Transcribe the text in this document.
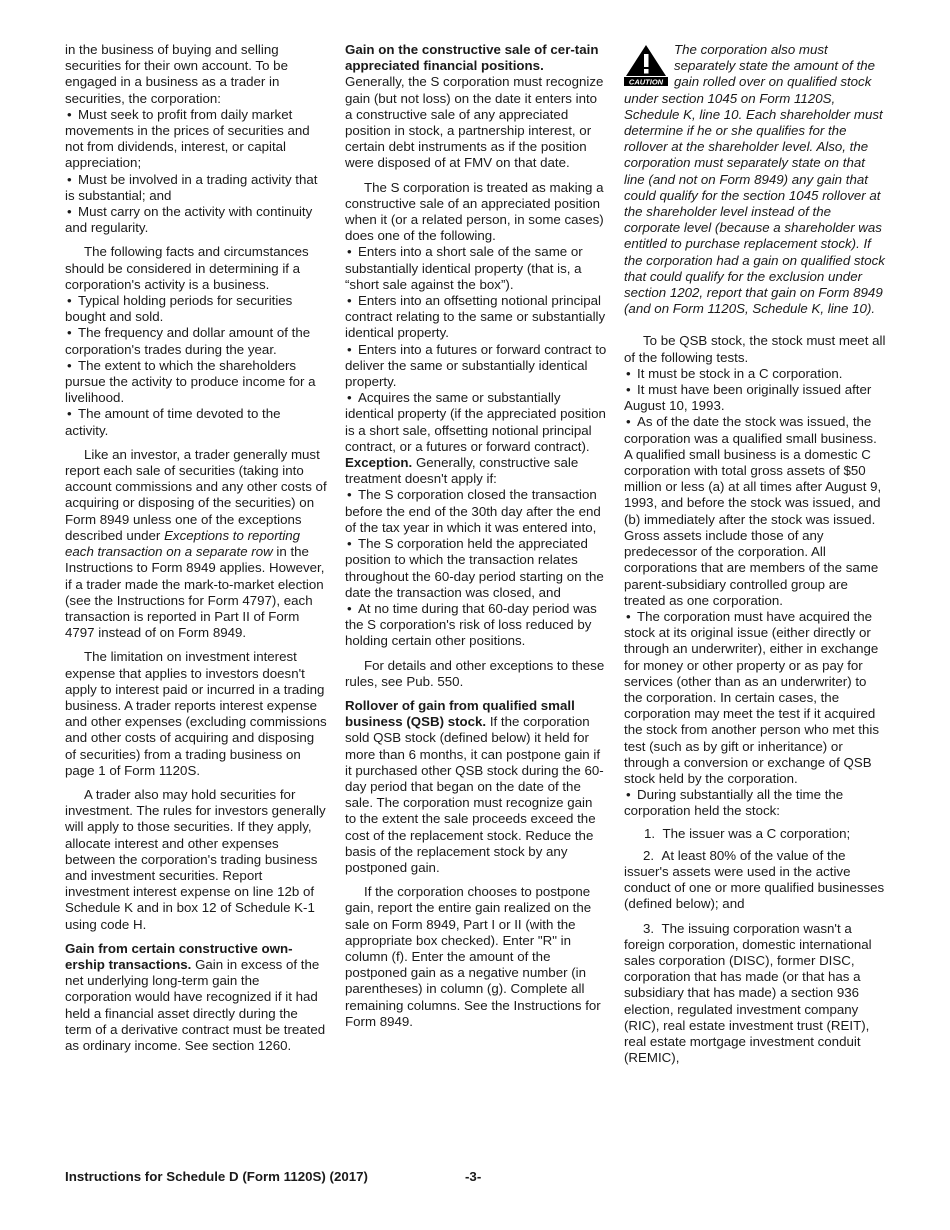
in the business of buying and selling securities for their own account. To be engaged in a business as a trader in securities, the corporation:

• Must seek to profit from daily market movements in the prices of securities and not from dividends, interest, or capital appreciation;
• Must be involved in a trading activity that is substantial; and
• Must carry on the activity with continuity and regularity.

The following facts and circumstances should be considered in determining if a corporation's activity is a business.

• Typical holding periods for securities bought and sold.
• The frequency and dollar amount of the corporation's trades during the year.
• The extent to which the shareholders pursue the activity to produce income for a livelihood.
• The amount of time devoted to the activity.

Like an investor, a trader generally must report each sale of securities (taking into account commissions and any other costs of acquiring or disposing of the securities) on Form 8949 unless one of the exceptions described under Exceptions to reporting each transaction on a separate row in the Instructions to Form 8949 applies. However, if a trader made the mark-to-market election (see the Instructions for Form 4797), each transaction is reported in Part II of Form 4797 instead of on Form 8949.

The limitation on investment interest expense that applies to investors doesn't apply to interest paid or incurred in a trading business. A trader reports interest expense and other expenses (excluding commissions and other costs of acquiring and disposing of securities) from a trading business on page 1 of Form 1120S.

A trader also may hold securities for investment. The rules for investors generally will apply to those securities. If they apply, allocate interest and other expenses between the corporation's trading business and investment securities. Report investment interest expense on line 12b of Schedule K and in box 12 of Schedule K-1 using code H.

Gain from certain constructive own-ership transactions. Gain in excess of the net underlying long-term gain the corporation would have recognized if it had held a financial asset directly during the term of a derivative contract must be treated as ordinary income. See section 1260.

Gain on the constructive sale of cer-tain appreciated financial positions.
Generally, the S corporation must recognize gain (but not loss) on the date it enters into a constructive sale of any appreciated position in stock, a partnership interest, or certain debt instruments as if the position were disposed of at FMV on that date.

The S corporation is treated as making a constructive sale of an appreciated position when it (or a related person, in some cases) does one of the following.

• Enters into a short sale of the same or substantially identical property (that is, a “short sale against the box”).
• Enters into an offsetting notional principal contract relating to the same or substantially identical property.
• Enters into a futures or forward contract to deliver the same or substantially identical property.
• Acquires the same or substantially identical property (if the appreciated position is a short sale, offsetting notional principal contract, or a futures or forward contract).

Exception. Generally, constructive sale treatment doesn't apply if:

• The S corporation closed the transaction before the end of the 30th day after the end of the tax year in which it was entered into,
• The S corporation held the appreciated position to which the transaction relates throughout the 60-day period starting on the date the transaction was closed, and
• At no time during that 60-day period was the S corporation's risk of loss reduced by holding certain other positions.

For details and other exceptions to these rules, see Pub. 550.

Rollover of gain from qualified small business (QSB) stock. If the corporation sold QSB stock (defined below) it held for more than 6 months, it can postpone gain if it purchased other QSB stock during the 60-day period that began on the date of the sale. The corporation must recognize gain to the extent the sale proceeds exceed the cost of the replacement stock. Reduce the basis of the replacement stock by any postponed gain.

If the corporation chooses to postpone gain, report the entire gain realized on the sale on Form 8949, Part I or II (with the appropriate box checked). Enter "R" in column (f). Enter the amount of the postponed gain as a negative number (in parentheses) in column (g). Complete all remaining columns. See the Instructions for Form 8949.

CAUTION
The corporation also must separately state the amount of the gain rolled over on qualified stock under section 1045 on Form 1120S, Schedule K, line 10. Each shareholder must determine if he or she qualifies for the rollover at the shareholder level. Also, the corporation must separately state on that line (and not on Form 8949) any gain that could qualify for the section 1045 rollover at the shareholder level instead of the corporate level (because a shareholder was entitled to purchase replacement stock). If the corporation had a gain on qualified stock that could qualify for the exclusion under section 1202, report that gain on Form 8949 (and on Form 1120S, Schedule K, line 10).

To be QSB stock, the stock must meet all of the following tests.

• It must be stock in a C corporation.
• It must have been originally issued after August 10, 1993.
• As of the date the stock was issued, the corporation was a qualified small business. A qualified small business is a domestic C corporation with total gross assets of $50 million or less (a) at all times after August 9, 1993, and before the stock was issued, and (b) immediately after the stock was issued. Gross assets include those of any predecessor of the corporation. All corporations that are members of the same parent-subsidiary controlled group are treated as one corporation.
• The corporation must have acquired the stock at its original issue (either directly or through an underwriter), either in exchange for money or other property or as pay for services (other than as an underwriter) to the corporation. In certain cases, the corporation may meet the test if it acquired the stock from another person who met this test (such as by gift or inheritance) or through a conversion or exchange of QSB stock held by the corporation.
• During substantially all the time the corporation held the stock:
1.  The issuer was a C corporation;
2.  At least 80% of the value of the issuer's assets were used in the active conduct of one or more qualified businesses (defined below); and
3.  The issuing corporation wasn't a foreign corporation, domestic international sales corporation (DISC), former DISC, corporation that has made (or that has a subsidiary that has made) a section 936 election, regulated investment company (RIC), real estate investment trust (REIT), real estate mortgage investment conduit (REMIC),
Instructions for Schedule D (Form 1120S) (2017)	-3-
